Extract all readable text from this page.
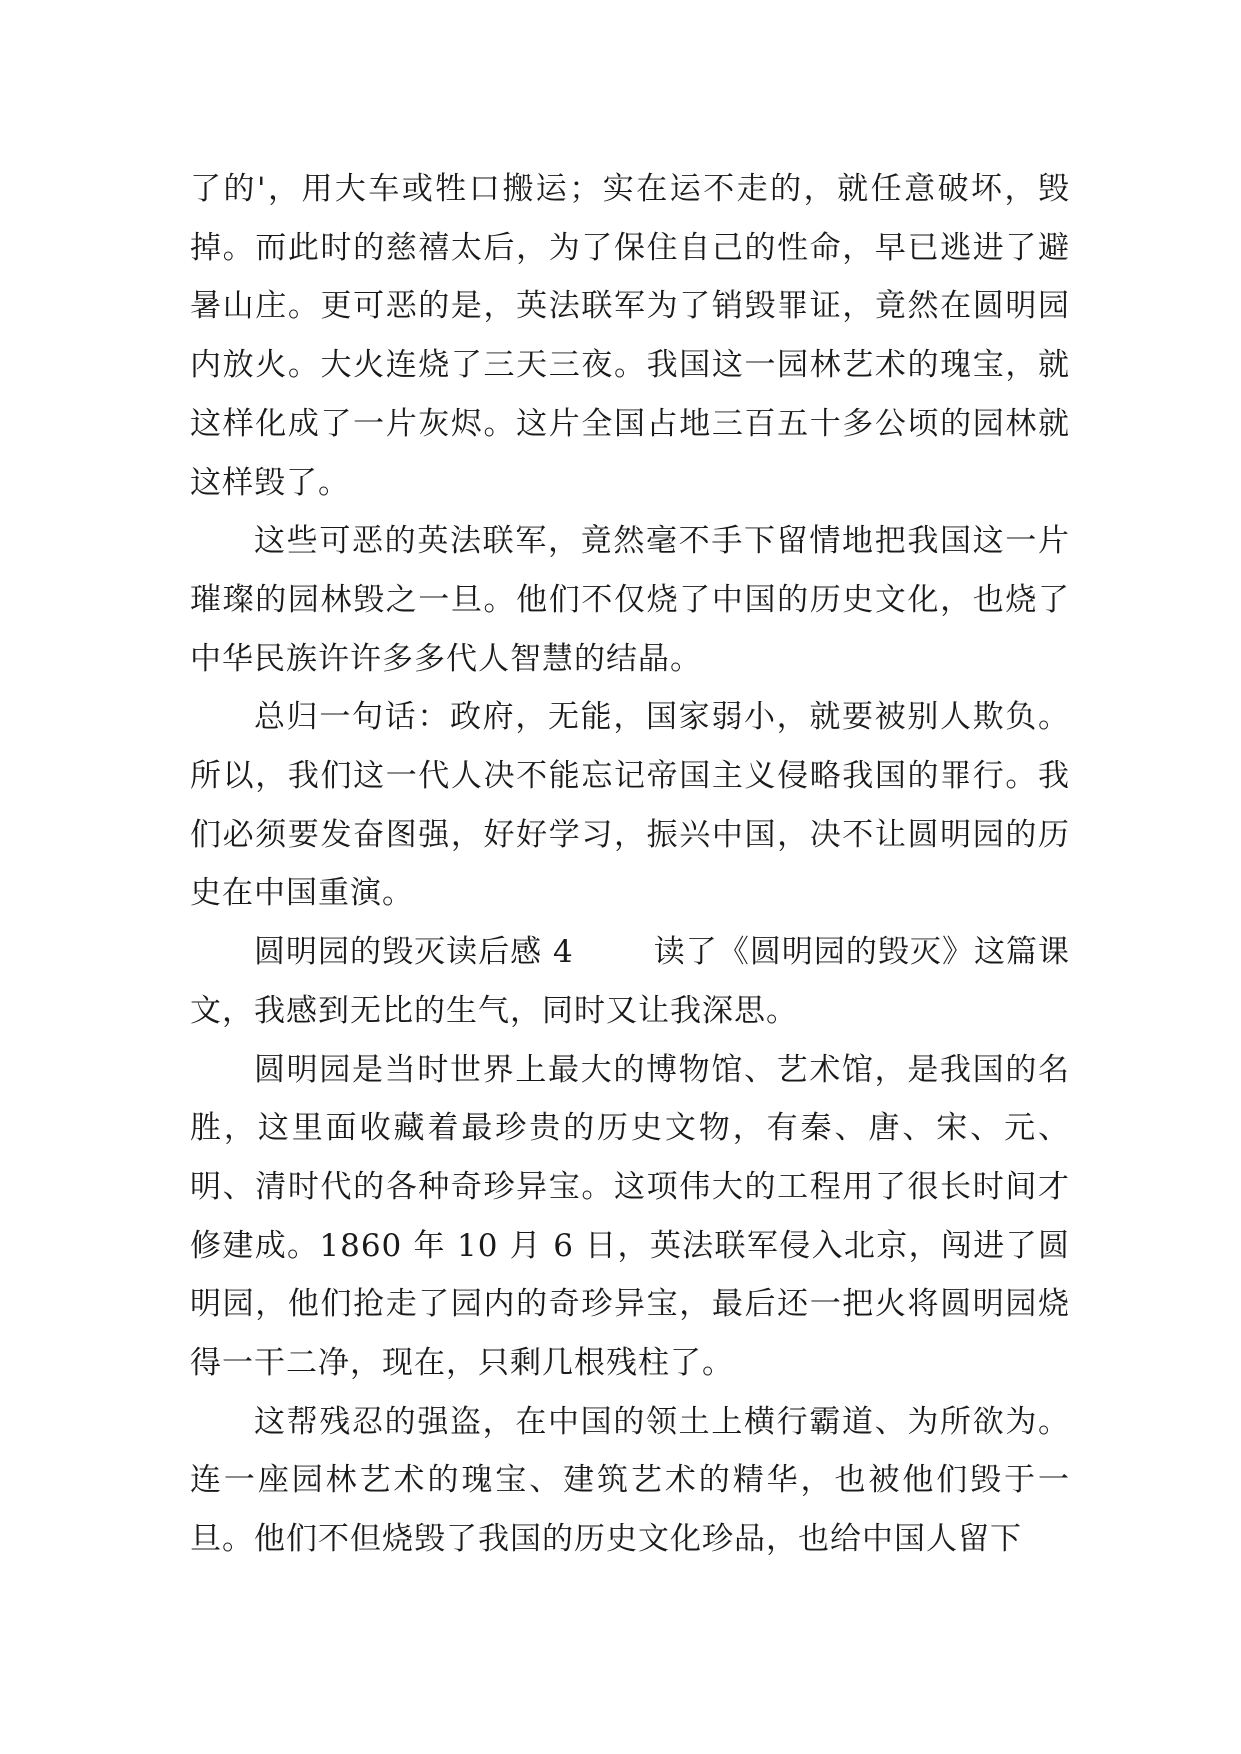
了的'，用大车或牲口搬运；实在运不走的，就任意破坏，毁掉。而此时的慈禧太后，为了保住自己的性命，早已逃进了避暑山庄。更可恶的是，英法联军为了销毁罪证，竟然在圆明园内放火。大火连烧了三天三夜。我国这一园林艺术的瑰宝，就这样化成了一片灰烬。这片全国占地三百五十多公顷的园林就这样毁了。

这些可恶的英法联军，竟然毫不手下留情地把我国这一片璀璨的园林毁之一旦。他们不仅烧了中国的历史文化，也烧了中华民族许许多多代人智慧的结晶。

总归一句话：政府，无能，国家弱小，就要被别人欺负。所以，我们这一代人决不能忘记帝国主义侵略我国的罪行。我们必须要发奋图强，好好学习，振兴中国，决不让圆明园的历史在中国重演。

圆明园的毁灭读后感 4	读了《圆明园的毁灭》这篇课文，我感到无比的生气，同时又让我深思。

圆明园是当时世界上最大的博物馆、艺术馆，是我国的名胜，这里面收藏着最珍贵的历史文物，有秦、唐、宋、元、明、清时代的各种奇珍异宝。这项伟大的工程用了很长时间才修建成。1860 年 10 月 6 日，英法联军侵入北京，闯进了圆明园，他们抢走了园内的奇珍异宝，最后还一把火将圆明园烧得一干二净，现在，只剩几根残柱了。

这帮残忍的强盗，在中国的领土上横行霸道、为所欲为。连一座园林艺术的瑰宝、建筑艺术的精华，也被他们毁于一旦。他们不但烧毁了我国的历史文化珍品，也给中国人留下
